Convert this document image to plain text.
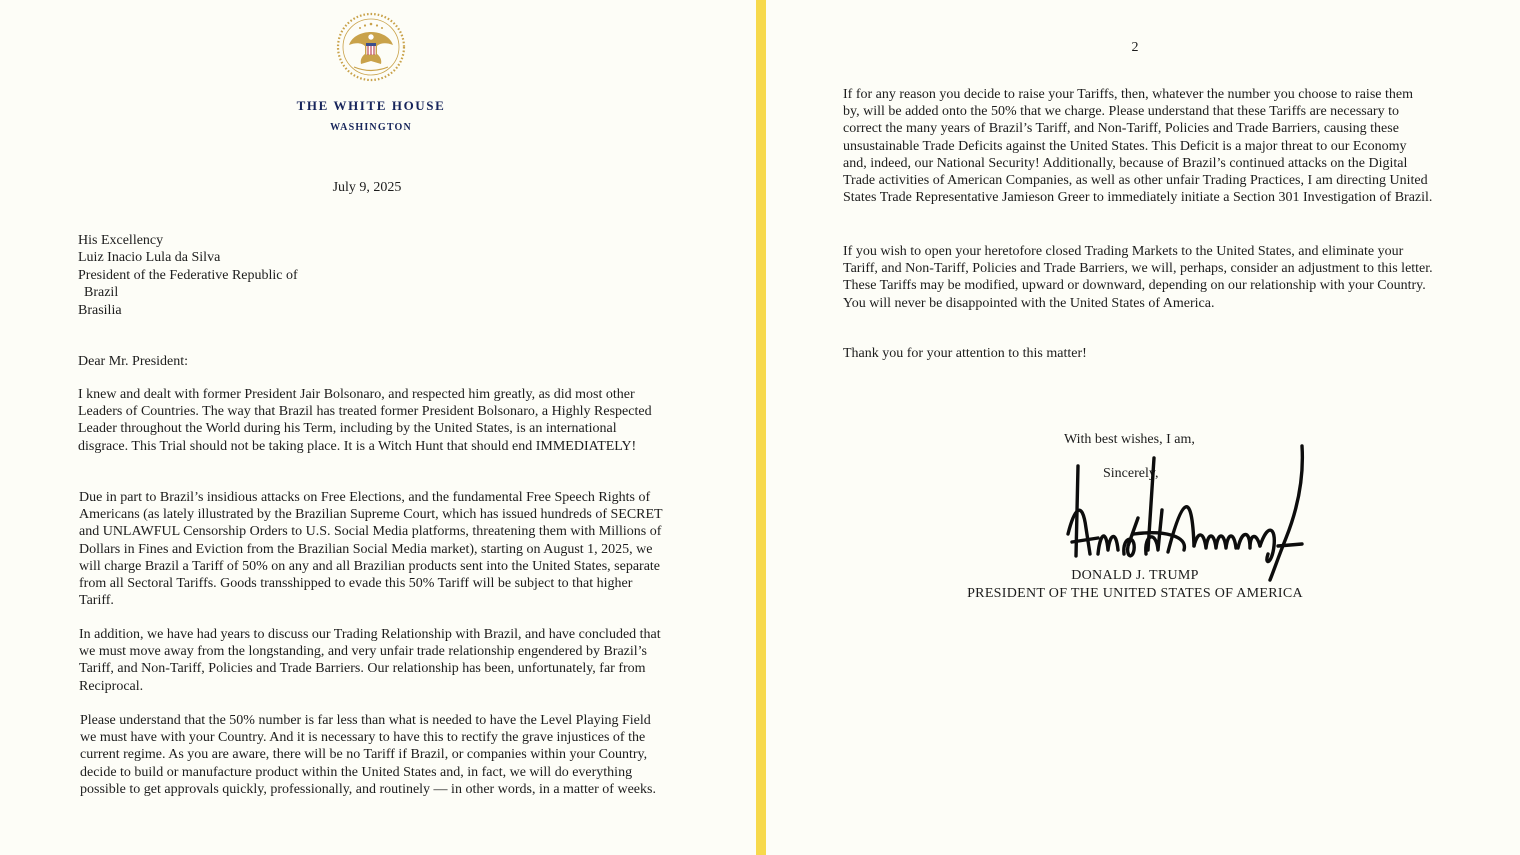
THE WHITE HOUSE
WASHINGTON
July 9, 2025
His Excellency
Luiz Inacio Lula da Silva
President of the Federative Republic of
Brazil
Brasilia
Dear Mr. President:
I knew and dealt with former President Jair Bolsonaro, and respected him greatly, as did most other Leaders of Countries. The way that Brazil has treated former President Bolsonaro, a Highly Respected Leader throughout the World during his Term, including by the United States, is an international disgrace. This Trial should not be taking place. It is a Witch Hunt that should end IMMEDIATELY!
Due in part to Brazil’s insidious attacks on Free Elections, and the fundamental Free Speech Rights of Americans (as lately illustrated by the Brazilian Supreme Court, which has issued hundreds of SECRET and UNLAWFUL Censorship Orders to U.S. Social Media platforms, threatening them with Millions of Dollars in Fines and Eviction from the Brazilian Social Media market), starting on August 1, 2025, we will charge Brazil a Tariff of 50% on any and all Brazilian products sent into the United States, separate from all Sectoral Tariffs. Goods transshipped to evade this 50% Tariff will be subject to that higher Tariff.
In addition, we have had years to discuss our Trading Relationship with Brazil, and have concluded that we must move away from the longstanding, and very unfair trade relationship engendered by Brazil’s Tariff, and Non-Tariff, Policies and Trade Barriers. Our relationship has been, unfortunately, far from Reciprocal.
Please understand that the 50% number is far less than what is needed to have the Level Playing Field we must have with your Country. And it is necessary to have this to rectify the grave injustices of the current regime. As you are aware, there will be no Tariff if Brazil, or companies within your Country, decide to build or manufacture product within the United States and, in fact, we will do everything possible to get approvals quickly, professionally, and routinely — in other words, in a matter of weeks.
2
If for any reason you decide to raise your Tariffs, then, whatever the number you choose to raise them by, will be added onto the 50% that we charge. Please understand that these Tariffs are necessary to correct the many years of Brazil’s Tariff, and Non-Tariff, Policies and Trade Barriers, causing these unsustainable Trade Deficits against the United States. This Deficit is a major threat to our Economy and, indeed, our National Security! Additionally, because of Brazil’s continued attacks on the Digital Trade activities of American Companies, as well as other unfair Trading Practices, I am directing United States Trade Representative Jamieson Greer to immediately initiate a Section 301 Investigation of Brazil.
If you wish to open your heretofore closed Trading Markets to the United States, and eliminate your Tariff, and Non-Tariff, Policies and Trade Barriers, we will, perhaps, consider an adjustment to this letter. These Tariffs may be modified, upward or downward, depending on our relationship with your Country. You will never be disappointed with the United States of America.
Thank you for your attention to this matter!
With best wishes, I am,
Sincerely,
DONALD J. TRUMP
PRESIDENT OF THE UNITED STATES OF AMERICA
